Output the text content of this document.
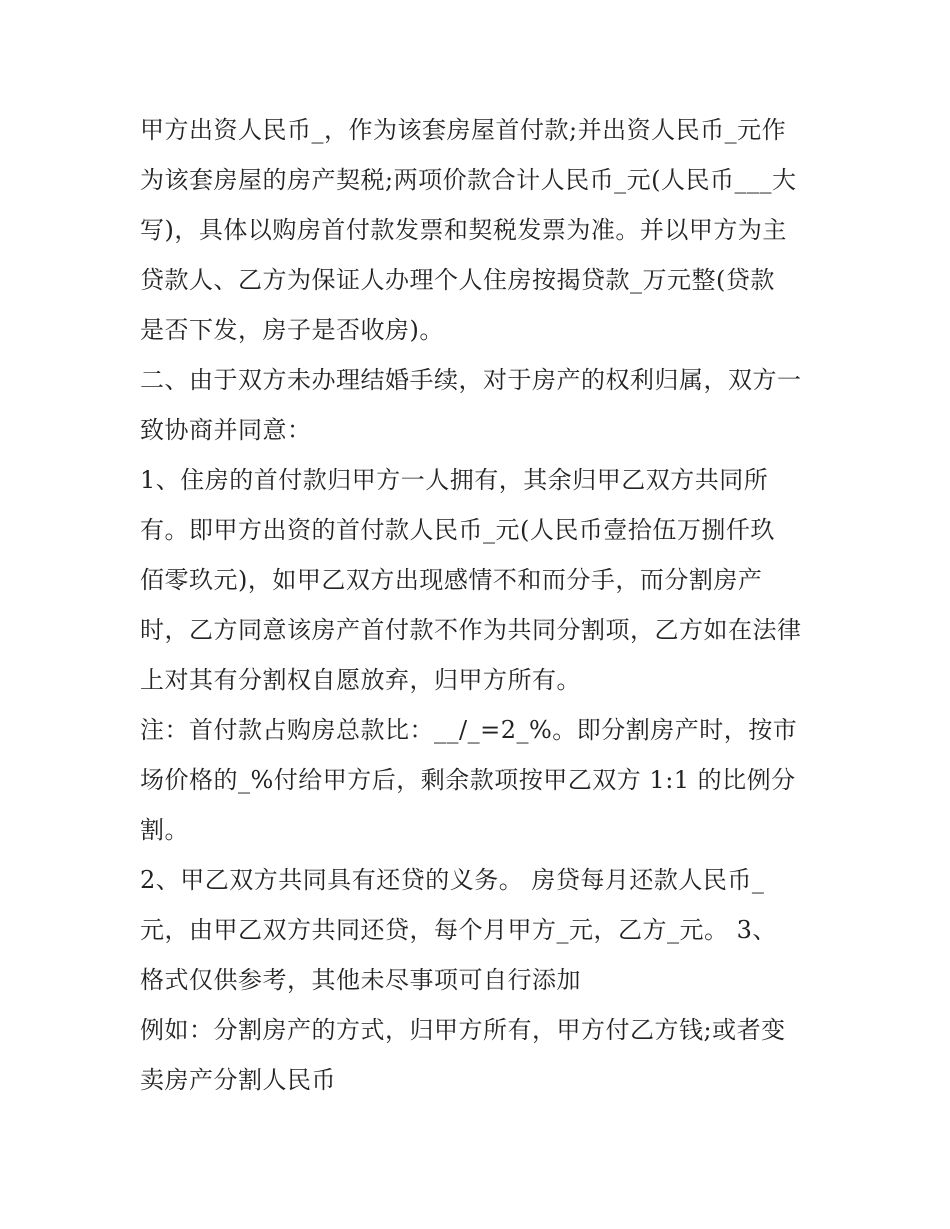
甲方出资人民币_，作为该套房屋首付款;并出资人民币_元作

为该套房屋的房产契税;两项价款合计人民币_元(人民币___大

写)，具体以购房首付款发票和契税发票为准。并以甲方为主

贷款人、乙方为保证人办理个人住房按揭贷款_万元整(贷款

是否下发，房子是否收房)。

二、由于双方未办理结婚手续，对于房产的权利归属，双方一

致协商并同意：

1、住房的首付款归甲方一人拥有，其余归甲乙双方共同所

有。即甲方出资的首付款人民币_元(人民币壹拾伍万捌仟玖

佰零玖元)，如甲乙双方出现感情不和而分手，而分割房产

时，乙方同意该房产首付款不作为共同分割项，乙方如在法律

上对其有分割权自愿放弃，归甲方所有。

注：首付款占购房总款比：__/_=2_%。即分割房产时，按市

场价格的_%付给甲方后，剩余款项按甲乙双方 1:1 的比例分

割。

2、甲乙双方共同具有还贷的义务。 房贷每月还款人民币_

元，由甲乙双方共同还贷，每个月甲方_元，乙方_元。 3、

格式仅供参考，其他未尽事项可自行添加

例如：分割房产的方式，归甲方所有，甲方付乙方钱;或者变

卖房产分割人民币
